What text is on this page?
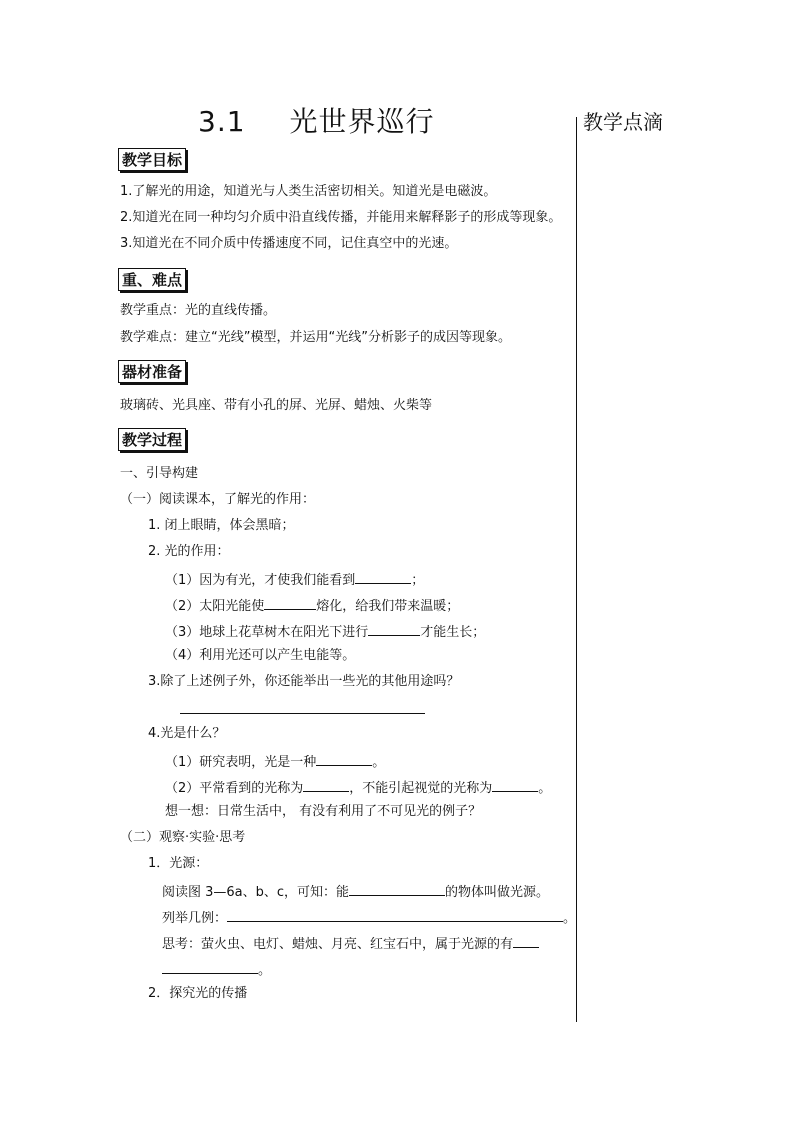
3.1 光世界巡行	教学点滴
教学目标
1.了解光的用途，知道光与人类生活密切相关。知道光是电磁波。
2.知道光在同一种均匀介质中沿直线传播，并能用来解释影子的形成等现象。
3.知道光在不同介质中传播速度不同，记住真空中的光速。
重、难点
教学重点：光的直线传播。
教学难点：建立“光线”模型，并运用“光线”分析影子的成因等现象。
器材准备
玻璃砖、光具座、带有小孔的屏、光屏、蜡烛、火柴等
教学过程
一、引导构建
（一）阅读课本，了解光的作用：
1. 闭上眼睛，体会黑暗；
2. 光的作用：
（1）因为有光，才使我们能看到	；
（2）太阳光能使	熔化，给我们带来温暖；
（3）地球上花草树木在阳光下进行	才能生长；
（4）利用光还可以产生电能等。
3.除了上述例子外，你还能举出一些光的其他用途吗？
4.光是什么？
（1）研究表明，光是一种	。
（2）平常看到的光称为	，不能引起视觉的光称为	。
想一想：日常生活中， 有没有利用了不可见光的例子？
（二）观察·实验·思考
1．光源：
阅读图 3—6a、b、c，可知：能	的物体叫做光源。
列举几例：	。
思考：萤火虫、电灯、蜡烛、月亮、红宝石中，属于光源的有
。
2．探究光的传播
